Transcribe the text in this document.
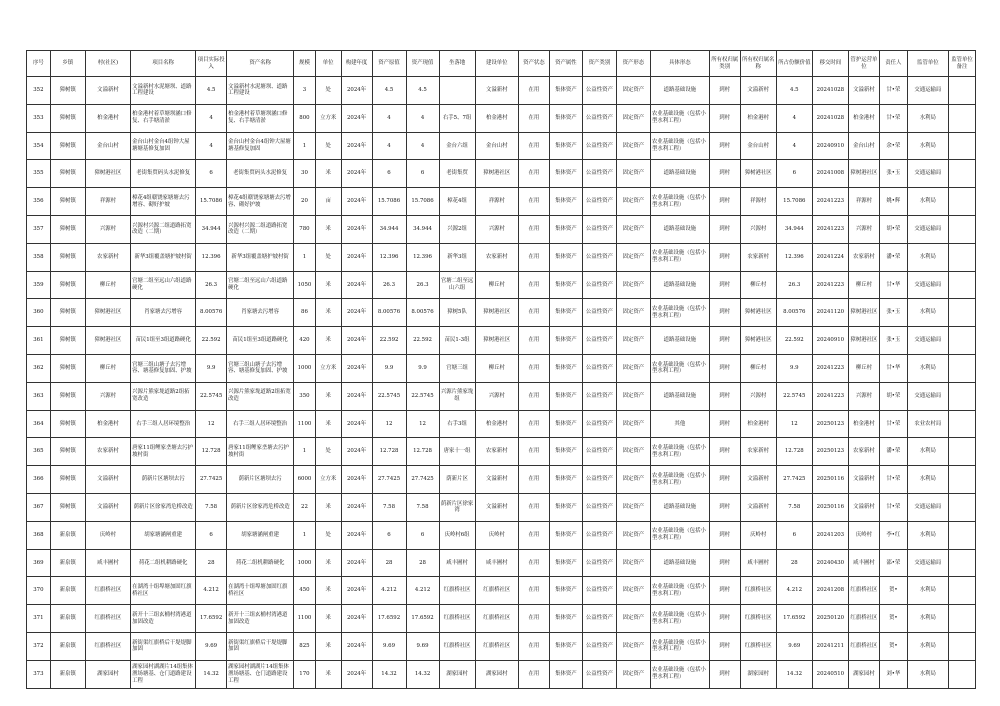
序号	乡镇	村(社区)	项目名称	项目实际投入	资产名称	规模	单位	构建年度	资产原值	资产现值	坐落地	建设单位	资产状态	资产属性	资产类别	资产形态	具体形态	所有权归属类别	所有权归属名称	所占份额价值	移交时间	管护运营单位	责任人	监管单位	监管单位备注
352	獐树镇	文溢新村	文溢新村水泥塘坝、道路工程建设	4.5	文溢新村水泥塘坝、道路工程建设	3	处	2024年	4.5	4.5		文溢新村	在用	集体资产	公益性资产	固定资产	道路基础设施	到村	文溢新村	4.5	20241028	文溢新村	甘•荣	交通运输局	
353	獐树镇	柏金港村	柏金港村着草塘坝涵口修复、右手塘清淤	4	柏金港村着草塘坝涵口修复、右手塘清淤	800	立方米	2024年	4	4	右手5、7组	柏金港村	在用	集体资产	公益性资产	固定资产	农业基础设施（包括小型水利工程）	到村	柏金港村	4	20241028	柏金港村	甘•荣	水利局	
354	獐树镇	金台山村	金台山村金台4组钟大屋塘塘基修复加固	4	金台山村金台4组钟大屋塘塘基修复加固	1	处	2024年	4	4	金台六组	金台山村	在用	集体资产	公益性资产	固定资产	农业基础设施（包括小型水利工程）	到村	金台山村	4	20240910	金台山村	余•荣	水利局	
355	獐树镇	獐树港社区	老街集贸码头水泥修复	6	老街集贸码头水泥修复	30	米	2024年	6	6	老街集贸	獐树港社区	在用	集体资产	公益性资产	固定资产	道路基础设施	到村	獐树港社区	6	20241008	獐树港社区	张•玉	交通运输局	
356	獐树镇	祥源村	樟花4组赣饶家塘塘去污增容、砌好护坡	15.7086	樟花4组赣饶家塘塘去污增容、砌好护坡	20	亩	2024年	15.7086	15.7086	樟花4组	祥源村	在用	集体资产	公益性资产	固定资产	农业基础设施（包括小型水利工程）	到村	祥源村	15.7086	20241223	祥源村	姚•辉	水利局	
357	獐树镇	兴源村	兴源村兴源二组道路拓宽改造（二期）	34.944	兴源村兴源二组道路拓宽改造（二期）	780	米	2024年	34.944	34.944	兴源2组	兴源村	在用	集体资产	公益性资产	固定资产	道路基础设施	到村	兴源村	34.944	20241223	兴源村	胡•荣	交通运输局	
358	獐树镇	农家新村	新华3组覆盖塘护坡村街	12.396	新华3组覆盖塘护坡村街	1	处	2024年	12.396	12.396	新华3组	农家新村	在用	集体资产	公益性资产	固定资产	农业基础设施（包括小型水利工程）	到村	农家新村	12.396	20241224	农家新村	潘•荣	水利局	
359	獐树镇	柳丘村	官塘二组至远山六组道路硬化	26.3	官塘二组至远山六组道路硬化	1050	米	2024年	26.3	26.3	官塘二组至远山六组	柳丘村	在用	集体资产	公益性资产	固定资产	道路基础设施	到村	柳丘村	26.3	20241223	柳丘村	甘•华	交通运输局	
360	獐树镇	獐树港社区	肖家塘去污增容	8.00576	肖家塘去污增容	86	米	2024年	8.00576	8.00576	獐树5队	獐树港社区	在用	集体资产	公益性资产	固定资产	农业基础设施（包括小型水利工程）	到村	獐树港社区	8.00576	20241120	獐树港社区	张•玉	水利局	
361	獐树镇	獐树港社区	苗民1组至3组道路硬化	22.592	苗民1组至3组道路硬化	420	米	2024年	22.592	22.592	苗民1-3组	獐树港社区	在用	集体资产	公益性资产	固定资产	道路基础设施	到村	獐树港社区	22.592	20240910	獐树港社区	张•玉	交通运输局	
362	獐树镇	柳丘村	官塘三组山塘子去污增容、塘基修复加固、护坡	9.9	官塘三组山塘子去污增容、塘基修复加固、护坡	1000	立方米	2024年	9.9	9.9	官塘三组	柳丘村	在用	集体资产	公益性资产	固定资产	农业基础设施（包括小型水利工程）	到村	柳丘村	9.9	20241223	柳丘村	甘•华	水利局	
363	獐树镇	兴源村	兴源片熊家垅道路2组拓宽改造	22.5745	兴源片熊家垅道路2组拓宽改造	350	米	2024年	22.5745	22.5745	兴源片熊家垅组	兴源村	在用	集体资产	公益性资产	固定资产	道路基础设施	到村	兴源村	22.5745	20241223	兴源村	胡•荣	交通运输局	
364	獐树镇	柏金港村	右手三组人居环境整治	12	右手三组人居环境整治	1100	米	2024年	12	12	右手3组	柏金港村	在用	集体资产	公益性资产	固定资产	其他	到村	柏金港村	12	20250123	柏金港村	甘•荣	农业农村局	
365	獐树镇	农家新村	唐家11组鲤家垄塘去污护坡村街	12.728	唐家11组鲤家垄塘去污护坡村街	1	处	2024年	12.728	12.728	唐家十一组	农家新村	在用	集体资产	公益性资产	固定资产	农业基础设施（包括小型水利工程）	到村	农家新村	12.728	20250123	农家新村	潘•荣	水利局	
366	獐树镇	文溢新村	荫新片区塘坝去污	27.7425	荫新片区塘坝去污	6000	立方米	2024年	27.7425	27.7425	荫新片区	文溢新村	在用	集体资产	公益性资产	固定资产	农业基础设施（包括小型水利工程）	到村	文溢新村	27.7425	20250116	文溢新村	甘•荣	水利局	
367	獐树镇	文溢新村	荫新片区徐家湾危桥改造	7.58	荫新片区徐家湾危桥改造	22	米	2024年	7.58	7.58	荫新片区徐家湾	文溢新村	在用	集体资产	公益性资产	固定资产	道路基础设施	到村	文溢新村	7.58	20250116	文溢新村	甘•荣	交通运输局	
368	新泉镇	庆岭村	胡家塘涵闸重建	6	胡家塘涵闸重建	1	处	2024年	6	6	庆岭村6组	庆岭村	在用	集体资产	公益性资产	固定资产	农业基础设施（包括小型水利工程）	到村	庆岭村	6	20241203	庆岭村	李•红	水利局	
369	新泉镇	咸丰圃村	荷花二组机耕路硬化	28	荷花二组机耕路硬化	1000	米	2024年	28	28	咸丰圃村	咸丰圃村	在用	集体资产	公益性资产	固定资产	道路基础设施	到村	咸丰圃村	28	20240430	咸丰圃村	邵•荣	交通运输局	
370	新泉镇	红旗桥社区	在湖湾十组埠塘加固红旗桥社区	4.212	在湖湾十组埠塘加固红旗桥社区	450	米	2024年	4.212	4.212	红旗桥社区	红旗桥社区	在用	集体资产	公益性资产	固定资产	农业基础设施（包括小型水利工程）	到村	红旗桥社区	4.212	20241208	红旗桥社区	贺•	水利局	
371	新泉镇	红旗桥社区	新开十三组玄桶村湾港道加固改造	17.6592	新开十三组玄桶村湾港道加固改造	1100	米	2024年	17.6592	17.6592	红旗桥社区	红旗桥社区	在用	集体资产	公益性资产	固定资产	农业基础设施（包括小型水利工程）	到村	红旗桥社区	17.6592	20250120	红旗桥社区	贺•	水利局	
372	新泉镇	红旗桥社区	新街渠红旗桥后干堤堤脚加固	9.69	新街渠红旗桥后干堤堤脚加固	825	米	2024年	9.69	9.69	红旗桥社区	红旗桥社区	在用	集体资产	公益性资产	固定资产	农业基础设施（包括小型水利工程）	到村	红旗桥社区	9.69	20241211	红旗桥社区	贺•	水利局	
373	新泉镇	湖家园村	湖家园村湖湖片14组集体渔场塘基、仓门道路建设工程	14.32	湖家园村湖湖片14组集体渔场塘基、仓门道路建设工程	170	米	2024年	14.32	14.32	湖家园村	湖家园村	在用	集体资产	公益性资产	固定资产	农业基础设施（包括小型水利工程）	到村	湖家园村	14.32	20240510	湖家园村	刘•华	水利局	
